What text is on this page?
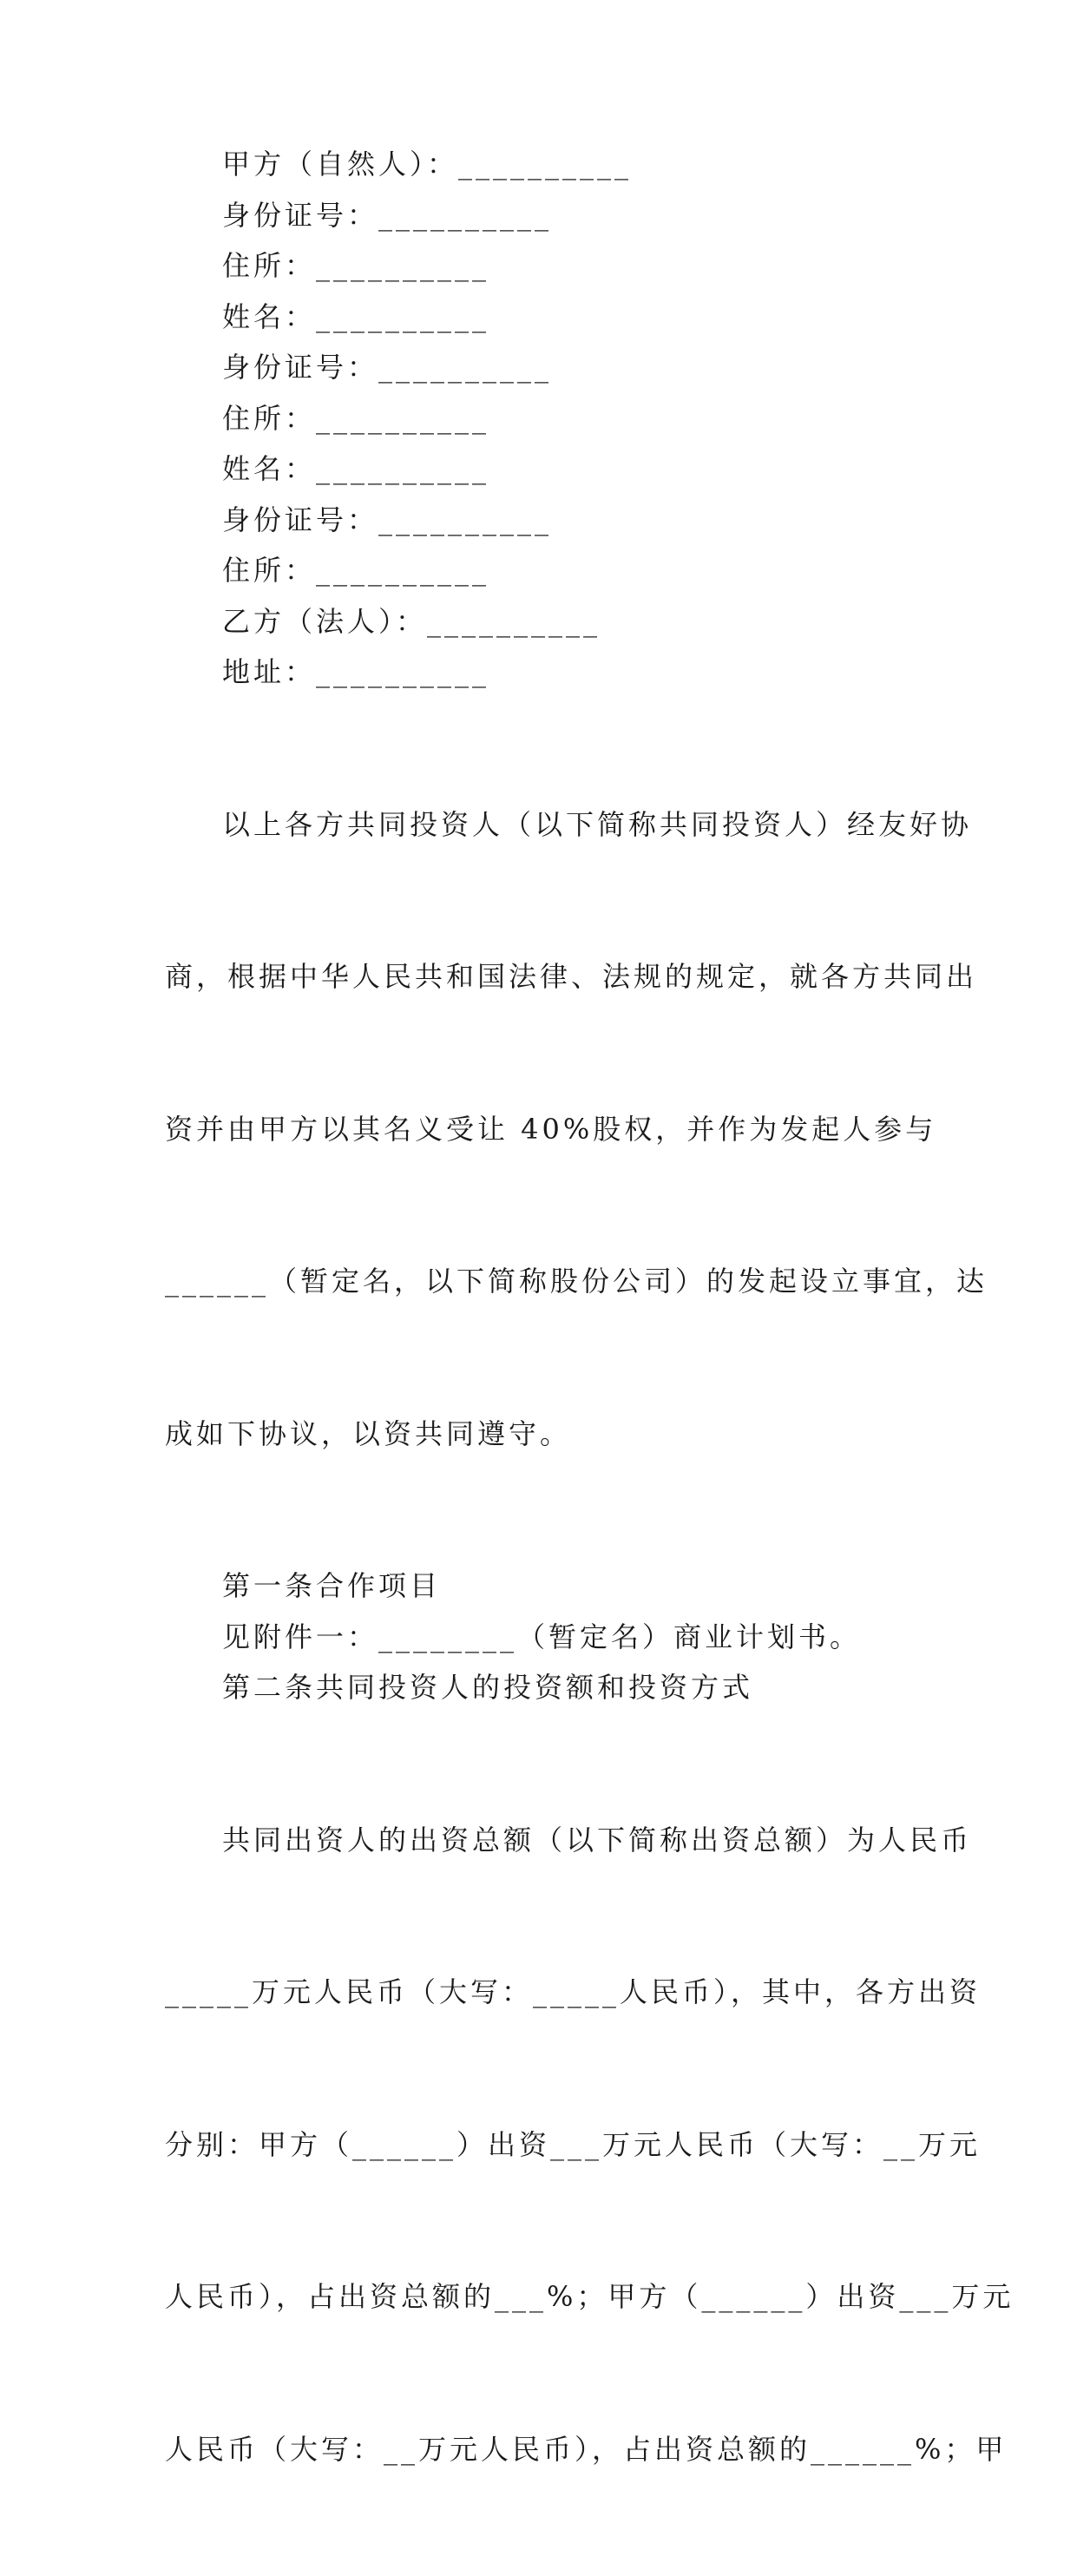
甲方（自然人）：__________
身份证号：__________
住所：__________
姓名：__________
身份证号：__________
住所：__________
姓名：__________
身份证号：__________
住所：__________
乙方（法人）：__________
地址：__________

以上各方共同投资人（以下简称共同投资人）经友好协

商，根据中华人民共和国法律、法规的规定，就各方共同出

资并由甲方以其名义受让 40%股权，并作为发起人参与

______（暂定名，以下简称股份公司）的发起设立事宜，达

成如下协议，以资共同遵守。

第一条合作项目
见附件一：________（暂定名）商业计划书。
第二条共同投资人的投资额和投资方式

共同出资人的出资总额（以下简称出资总额）为人民币

_____万元人民币（大写：_____人民币），其中，各方出资

分别：甲方（______）出资___万元人民币（大写：__万元

人民币），占出资总额的___%；甲方（______）出资___万元

人民币（大写：__万元人民币），占出资总额的______%；甲
